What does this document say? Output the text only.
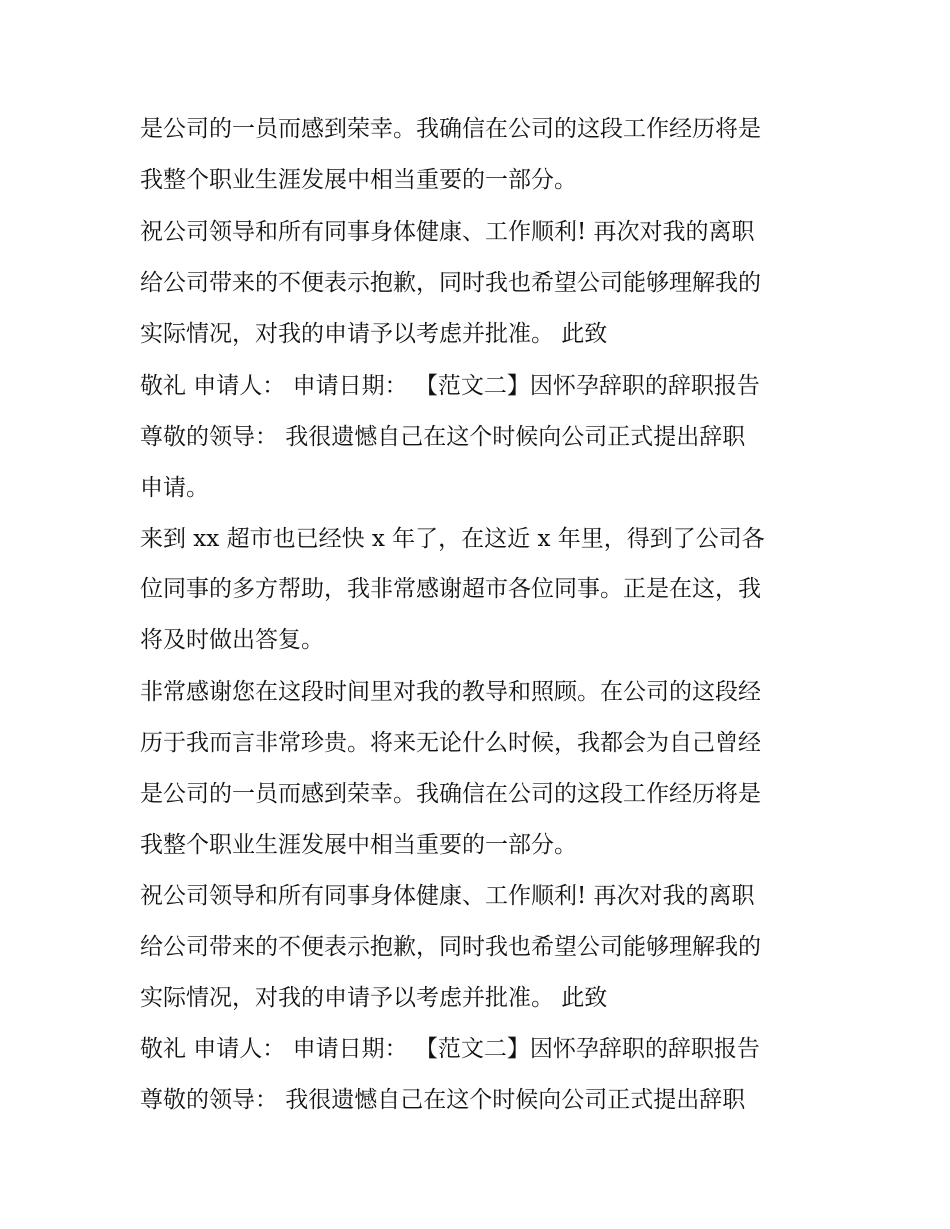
是公司的一员而感到荣幸。我确信在公司的这段工作经历将是
我整个职业生涯发展中相当重要的一部分。
祝公司领导和所有同事身体健康、工作顺利! 再次对我的离职
给公司带来的不便表示抱歉，同时我也希望公司能够理解我的
实际情况，对我的申请予以考虑并批准。 此致
敬礼 申请人： 申请日期： 【范文二】因怀孕辞职的辞职报告
尊敬的领导： 我很遗憾自己在这个时候向公司正式提出辞职
申请。
来到 xx 超市也已经快 x 年了，在这近 x 年里，得到了公司各
位同事的多方帮助，我非常感谢超市各位同事。正是在这，我
将及时做出答复。
非常感谢您在这段时间里对我的教导和照顾。在公司的这段经
历于我而言非常珍贵。将来无论什么时候，我都会为自己曾经
是公司的一员而感到荣幸。我确信在公司的这段工作经历将是
我整个职业生涯发展中相当重要的一部分。
祝公司领导和所有同事身体健康、工作顺利! 再次对我的离职
给公司带来的不便表示抱歉，同时我也希望公司能够理解我的
实际情况，对我的申请予以考虑并批准。 此致
敬礼 申请人： 申请日期： 【范文二】因怀孕辞职的辞职报告
尊敬的领导： 我很遗憾自己在这个时候向公司正式提出辞职
